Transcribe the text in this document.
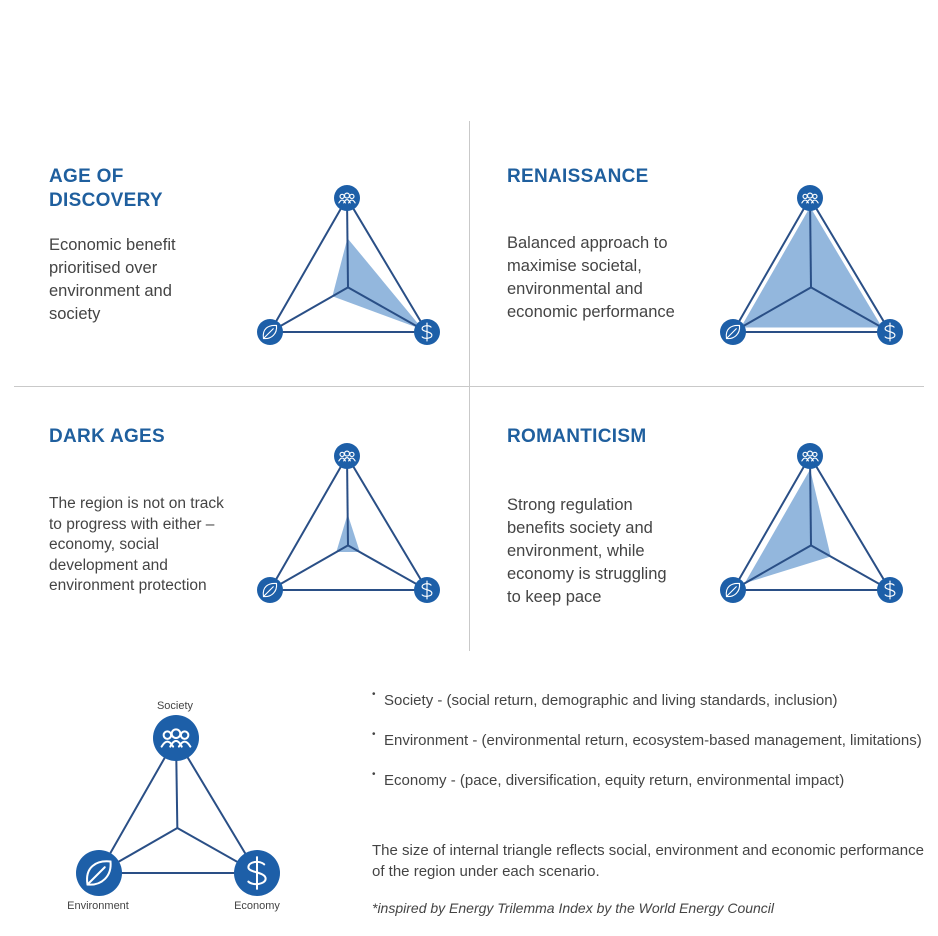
AGE OF
DISCOVERY

Economic benefit
prioritised over
environment and
society

RENAISSANCE

Balanced approach to
maximise societal,
environmental and
economic performance

DARK AGES

The region is not on track
to progress with either –
economy, social
development and
environment protection

ROMANTICISM

Strong regulation
benefits society and
environment, while
economy is struggling
to keep pace

Society
Environment	Economy
• Society - (social return, demographic and living standards, inclusion)
• Environment - (environmental return, ecosystem-based management, limitations)
• Economy - (pace, diversification, equity return, environmental impact)
The size of internal triangle reflects social, environment and economic performance of the region under each scenario.
*inspired by Energy Trilemma Index by the World Energy Council
